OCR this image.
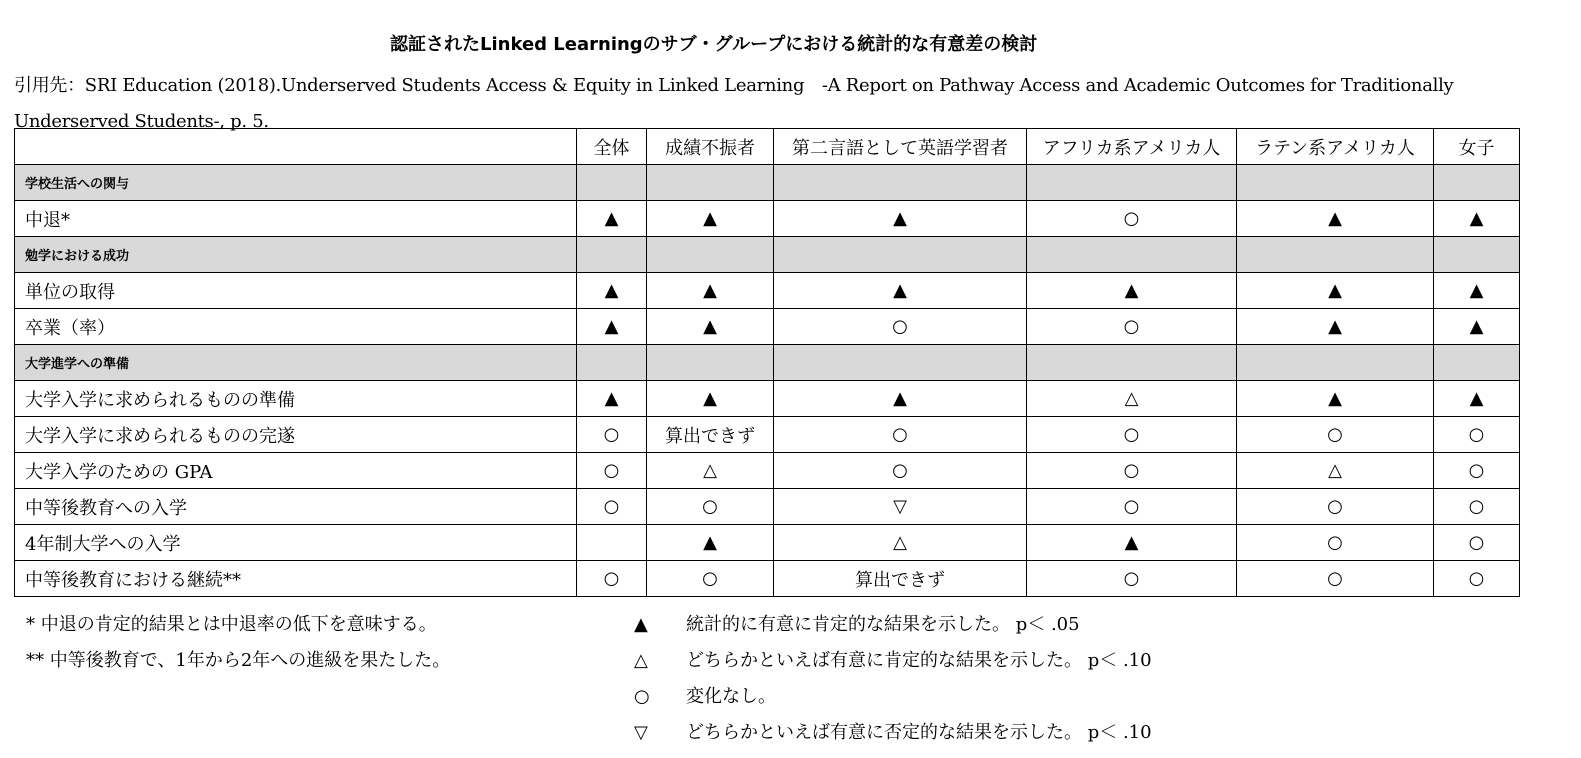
認証されたLinked Learningのサブ・グループにおける統計的な有意差の検討
引用先：SRI Education (2018).Underserved Students Access & Equity in Linked Learning　-A Report on Pathway Access and Academic Outcomes for Traditionally Underserved Students-, p. 5.
	全体	成績不振者	第二言語として英語学習者	アフリカ系アメリカ人	ラテン系アメリカ人	女子
学校生活への関与						
中退*	▲	▲	▲	○	▲	▲
勉学における成功						
単位の取得	▲	▲	▲	▲	▲	▲
卒業（率）	▲	▲	○	○	▲	▲
大学進学への準備						
大学入学に求められるものの準備	▲	▲	▲	△	▲	▲
大学入学に求められるものの完遂	○	算出できず	○	○	○	○
大学入学のための GPA	○	△	○	○	△	○
中等後教育への入学	○	○	▽	○	○	○
4年制大学への入学		▲	△	▲	○	○
中等後教育における継続**	○	○	算出できず	○	○	○
* 中退の肯定的結果とは中退率の低下を意味する。
** 中等後教育で、1年から2年への進級を果たした。
▲	統計的に有意に肯定的な結果を示した。 p＜ .05
△	どちらかといえば有意に肯定的な結果を示した。 p＜ .10
○	変化なし。
▽	どちらかといえば有意に否定的な結果を示した。 p＜ .10
